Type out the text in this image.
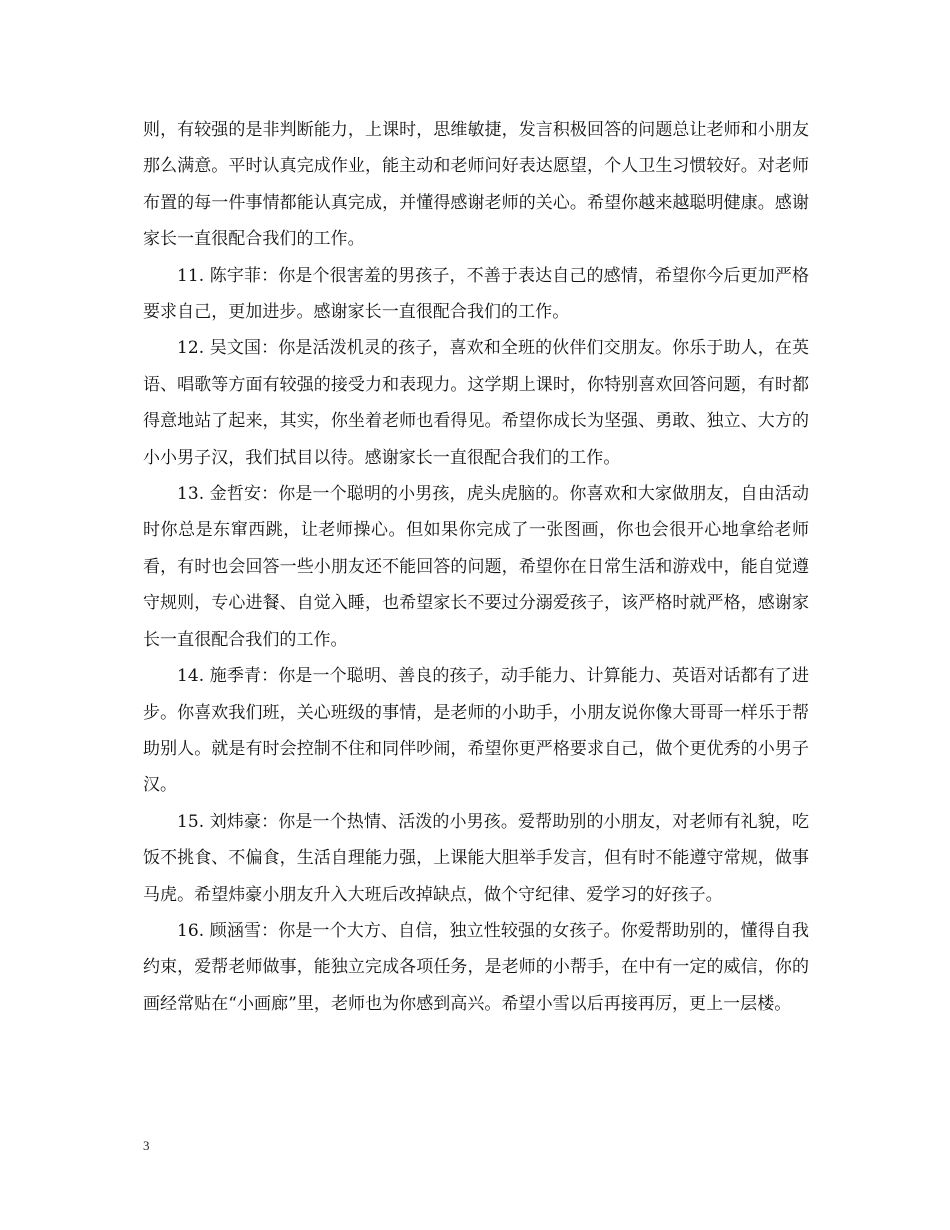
则，有较强的是非判断能力，上课时，思维敏捷，发言积极回答的问题总让老师和小朋友那么满意。平时认真完成作业，能主动和老师问好表达愿望，个人卫生习惯较好。对老师布置的每一件事情都能认真完成，并懂得感谢老师的关心。希望你越来越聪明健康。感谢家长一直很配合我们的工作。

11. 陈宇菲：你是个很害羞的男孩子，不善于表达自己的感情，希望你今后更加严格要求自己，更加进步。感谢家长一直很配合我们的工作。

12. 吴文国：你是活泼机灵的孩子，喜欢和全班的伙伴们交朋友。你乐于助人，在英语、唱歌等方面有较强的接受力和表现力。这学期上课时，你特别喜欢回答问题，有时都得意地站了起来，其实，你坐着老师也看得见。希望你成长为坚强、勇敢、独立、大方的小小男子汉，我们拭目以待。感谢家长一直很配合我们的工作。

13. 金哲安：你是一个聪明的小男孩，虎头虎脑的。你喜欢和大家做朋友，自由活动时你总是东窜西跳，让老师操心。但如果你完成了一张图画，你也会很开心地拿给老师看，有时也会回答一些小朋友还不能回答的问题，希望你在日常生活和游戏中，能自觉遵守规则，专心进餐、自觉入睡，也希望家长不要过分溺爱孩子，该严格时就严格，感谢家长一直很配合我们的工作。

14. 施季青：你是一个聪明、善良的孩子，动手能力、计算能力、英语对话都有了进步。你喜欢我们班，关心班级的事情，是老师的小助手，小朋友说你像大哥哥一样乐于帮助别人。就是有时会控制不住和同伴吵闹，希望你更严格要求自己，做个更优秀的小男子汉。

15. 刘炜豪：你是一个热情、活泼的小男孩。爱帮助别的小朋友，对老师有礼貌，吃饭不挑食、不偏食，生活自理能力强，上课能大胆举手发言，但有时不能遵守常规，做事马虎。希望炜豪小朋友升入大班后改掉缺点，做个守纪律、爱学习的好孩子。

16. 顾涵雪：你是一个大方、自信，独立性较强的女孩子。你爱帮助别的，懂得自我约束，爱帮老师做事，能独立完成各项任务，是老师的小帮手，在中有一定的威信，你的画经常贴在“小画廊”里，老师也为你感到高兴。希望小雪以后再接再厉，更上一层楼。

3
